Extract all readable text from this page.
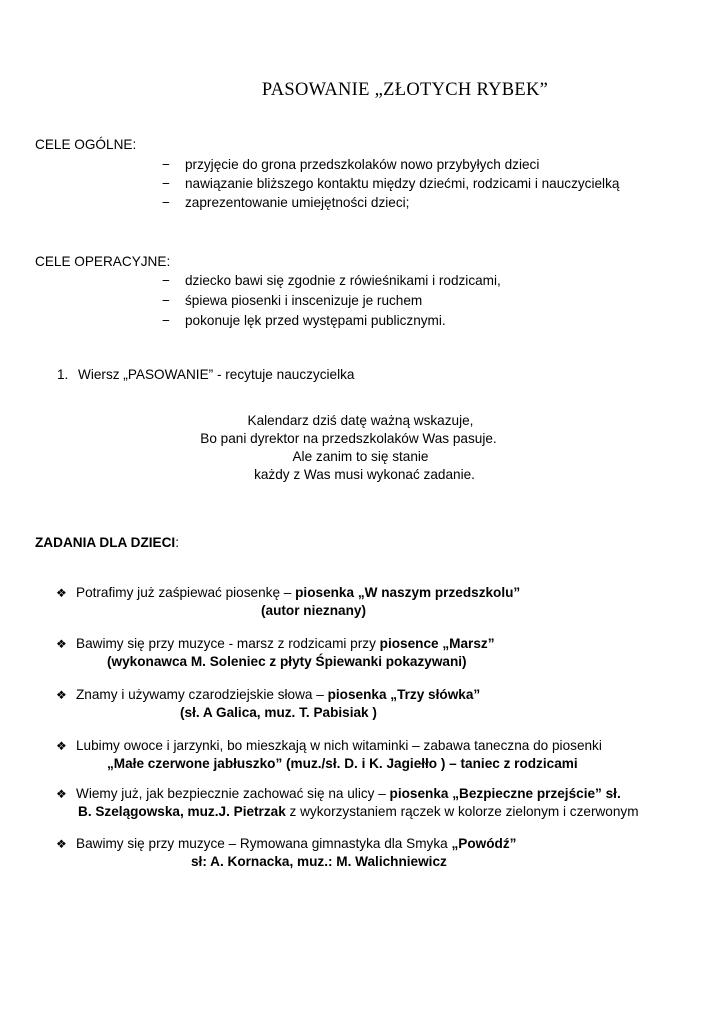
PASOWANIE „ZŁOTYCH RYBEK”
CELE OGÓLNE:
− przyjęcie do grona przedszkolaków nowo przybyłych dzieci
− nawiązanie bliższego kontaktu między dziećmi, rodzicami i nauczycielką
− zaprezentowanie umiejętności dzieci;
CELE OPERACYJNE:
− dziecko bawi się zgodnie z rówieśnikami i rodzicami,
− śpiewa piosenki i inscenizuje je ruchem
− pokonuje lęk przed występami publicznymi.
1. Wiersz „PASOWANIE” - recytuje nauczycielka
Kalendarz dziś datę ważną wskazuje,
Bo pani dyrektor na przedszkolaków Was pasuje.
Ale zanim to się stanie
każdy z Was musi wykonać zadanie.
ZADANIA DLA DZIECI:
❖ Potrafimy już zaśpiewać piosenkę – piosenka „W naszym przedszkolu”
(autor nieznany)
❖ Bawimy się przy muzyce - marsz z rodzicami przy piosence „Marsz”
(wykonawca M. Soleniec z płyty Śpiewanki pokazywani)
❖ Znamy i używamy czarodziejskie słowa – piosenka „Trzy słówka”
(sł. A Galica, muz. T. Pabisiak )
❖ Lubimy owoce i jarzynki, bo mieszkają w nich witaminki – zabawa taneczna do piosenki
„Małe czerwone jabłuszko” (muz./sł. D. i K. Jagiełło ) – taniec z rodzicami
❖ Wiemy już, jak bezpiecznie zachować się na ulicy – piosenka „Bezpieczne przejście” sł.
B. Szelągowska, muz.J. Pietrzak z wykorzystaniem rączek w kolorze zielonym i czerwonym
❖ Bawimy się przy muzyce – Rymowana gimnastyka dla Smyka „Powódź”
sł: A. Kornacka, muz.: M. Walichniewicz
